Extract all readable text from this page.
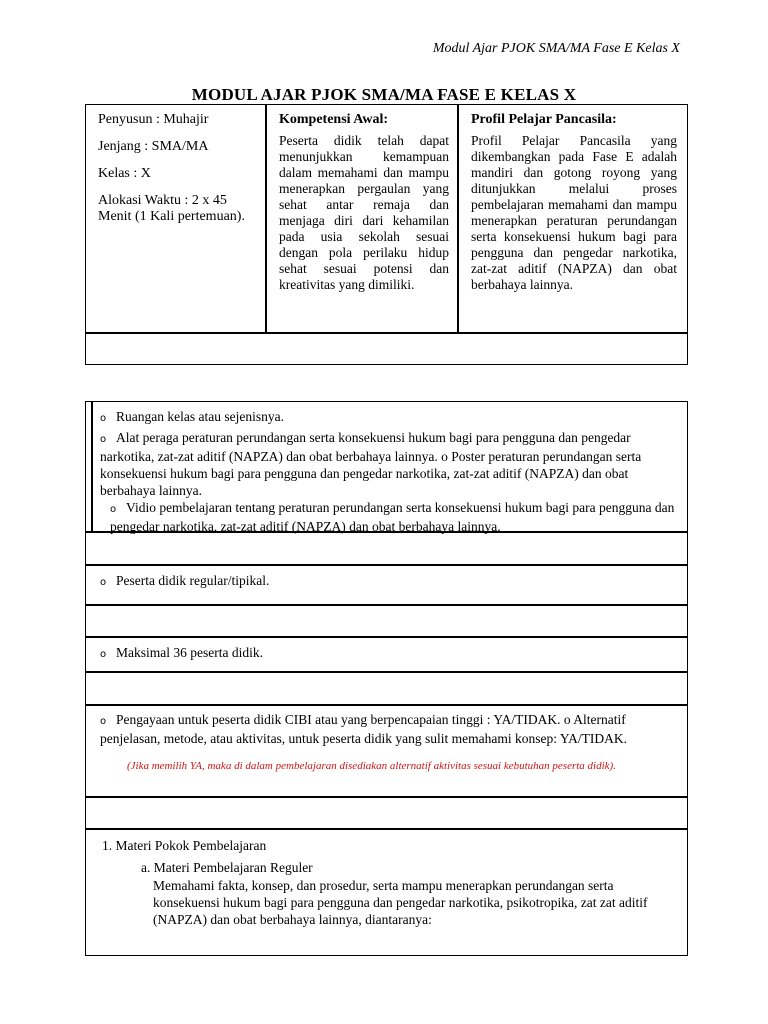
Modul Ajar PJOK SMA/MA Fase E Kelas X
MODUL AJAR PJOK SMA/MA FASE E KELAS X

Penyusun : Muhajir

Jenjang : SMA/MA

Kelas : X

Alokasi Waktu : 2 x 45 Menit (1 Kali pertemuan).

Kompetensi Awal:
Peserta didik telah dapat menunjukkan kemampuan dalam memahami dan mampu menerapkan pergaulan yang sehat antar remaja dan menjaga diri dari kehamilan pada usia sekolah sesuai dengan pola perilaku hidup sehat sesuai potensi dan kreativitas yang dimiliki.
Profil Pelajar Pancasila:
Profil Pelajar Pancasila yang dikembangkan pada Fase E adalah mandiri dan gotong royong yang ditunjukkan melalui proses pembelajaran memahami dan mampu menerapkan peraturan perundangan serta konsekuensi hukum bagi para pengguna dan pengedar narkotika, zat-zat aditif (NAPZA) dan obat berbahaya lainnya.
o Ruangan kelas atau sejenisnya.
o Alat peraga peraturan perundangan serta konsekuensi hukum bagi para pengguna dan pengedar narkotika, zat-zat aditif (NAPZA) dan obat berbahaya lainnya. o Poster peraturan perundangan serta konsekuensi hukum bagi para pengguna dan pengedar narkotika, zat-zat aditif (NAPZA) dan obat berbahaya lainnya.
o Vidio pembelajaran tentang peraturan perundangan serta konsekuensi hukum bagi para pengguna dan pengedar narkotika, zat-zat aditif (NAPZA) dan obat berbahaya lainnya.
o Peserta didik regular/tipikal.
o Maksimal 36 peserta didik.
o Pengayaan untuk peserta didik CIBI atau yang berpencapaian tinggi : YA/TIDAK. o Alternatif penjelasan, metode, atau aktivitas, untuk peserta didik yang sulit memahami konsep: YA/TIDAK.
(Jika memilih YA, maka di dalam pembelajaran disediakan alternatif aktivitas sesuai kebutuhan peserta didik).
1. Materi Pokok Pembelajaran
a. Materi Pembelajaran Reguler
Memahami fakta, konsep, dan prosedur, serta mampu menerapkan perundangan serta konsekuensi hukum bagi para pengguna dan pengedar narkotika, psikotropika, zat zat aditif (NAPZA) dan obat berbahaya lainnya, diantaranya:
